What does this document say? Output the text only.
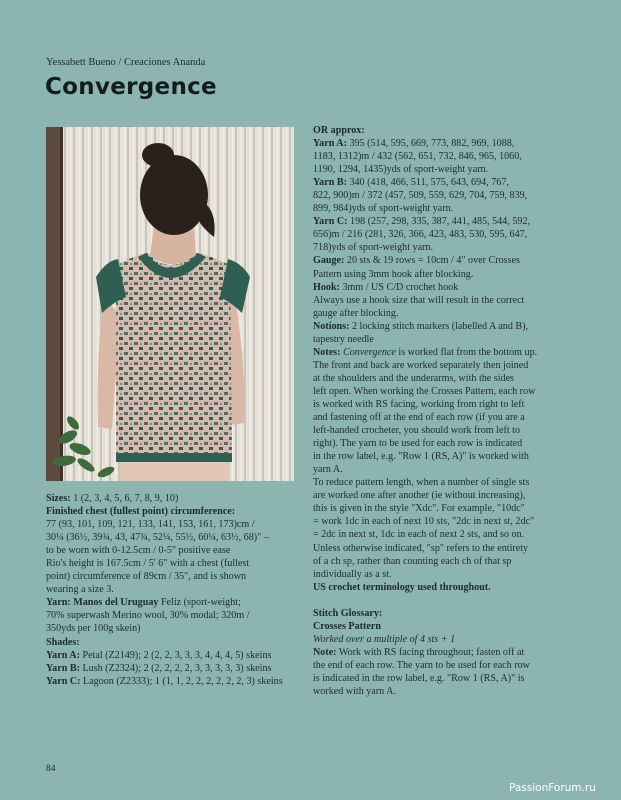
Yessabett Bueno / Creaciones Ananda
Convergence

Sizes: 1 (2, 3, 4, 5, 6, 7, 8, 9, 10)

Finished chest (fullest point) circumference:

77 (93, 101, 109, 121, 133, 141, 153, 161, 173)cm /

30¼ (36½, 39¾, 43, 47¾, 52¼, 55½, 60¼, 63½, 68)" –

to be worn with 0-12.5cm / 0-5" positive ease

Rio's height is 167.5cm / 5' 6" with a chest (fullest

point) circumference of 89cm / 35", and is shown

wearing a size 3.

Yarn: Manos del Uruguay Feliz (sport-weight;

70% superwash Merino wool, 30% modal; 320m /

350yds per 100g skein)

Shades:

Yarn A: Petal (Z2149); 2 (2, 2, 3, 3, 3, 4, 4, 4, 5) skeins

Yarn B: Lush (Z2324); 2 (2, 2, 2, 2, 3, 3, 3, 3, 3) skeins

Yarn C: Lagoon (Z2333); 1 (1, 1, 2, 2, 2, 2, 2, 2, 3) skeins

OR approx:

Yarn A: 395 (514, 595, 669, 773, 882, 969, 1088,

1183, 1312)m / 432 (562, 651, 732, 846, 965, 1060,

1190, 1294, 1435)yds of sport-weight yarn.

Yarn B: 340 (418, 466, 511, 575, 643, 694, 767,

822, 900)m / 372 (457, 509, 559, 629, 704, 759, 839,

899, 984)yds of sport-weight yarn.

Yarn C: 198 (257, 298, 335, 387, 441, 485, 544, 592,

656)m / 216 (281, 326, 366, 423, 483, 530, 595, 647,

718)yds of sport-weight yarn.

Gauge: 20 sts & 19 rows = 10cm / 4" over Crosses

Pattern using 3mm hook after blocking.

Hook: 3mm / US C/D crochet hook

Always use a hook size that will result in the correct

gauge after blocking.

Notions: 2 locking stitch markers (labelled A and B),

tapestry needle

Notes: Convergence is worked flat from the bottom up.

The front and back are worked separately then joined

at the shoulders and the underarms, with the sides

left open. When working the Crosses Pattern, each row

is worked with RS facing, working from right to left

and fastening off at the end of each row (if you are a

left-handed crocheter, you should work from left to

right). The yarn to be used for each row is indicated

in the row label, e.g. "Row 1 (RS, A)" is worked with

yarn A.

To reduce pattern length, when a number of single sts

are worked one after another (ie without increasing),

this is given in the style "Xdc". For example, "10dc"

= work 1dc in each of next 10 sts, "2dc in next st, 2dc"

= 2dc in next st, 1dc in each of next 2 sts, and so on.

Unless otherwise indicated, "sp" refers to the entirety

of a ch sp, rather than counting each ch of that sp

individually as a st.

US crochet terminology used throughout.

Stitch Glossary:

Crosses Pattern

Worked over a multiple of 4 sts + 1

Note: Work with RS facing throughout; fasten off at

the end of each row. The yarn to be used for each row

is indicated in the row label, e.g. "Row 1 (RS, A)" is

worked with yarn A.

84
PassionForum.ru
